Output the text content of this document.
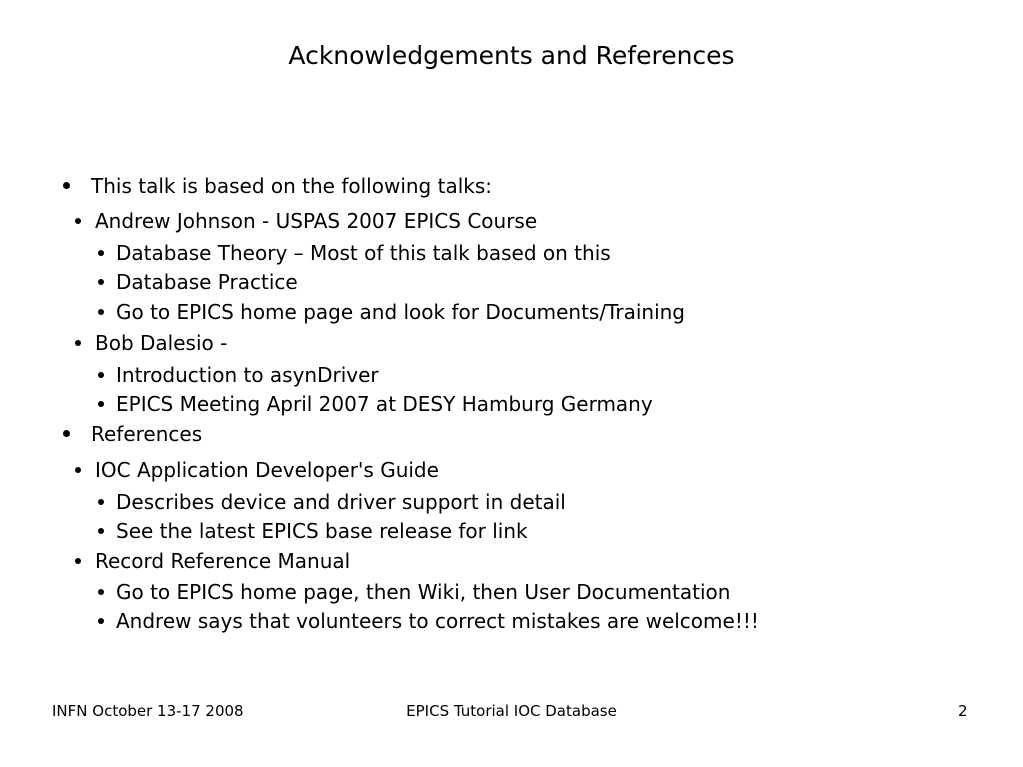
Acknowledgements and References
This talk is based on the following talks:
Andrew Johnson - USPAS 2007 EPICS Course
Database Theory – Most of this talk based on this
Database Practice
Go to EPICS home page and look for Documents/Training
Bob Dalesio -
Introduction to asynDriver
EPICS Meeting April 2007 at DESY Hamburg Germany
References
IOC Application Developer's Guide
Describes device and driver support in detail
See the latest EPICS base release for link
Record Reference Manual
Go to EPICS home page, then Wiki, then User Documentation
Andrew says that volunteers to correct mistakes are welcome!!!
INFN October 13-17 2008	EPICS Tutorial IOC Database	2
